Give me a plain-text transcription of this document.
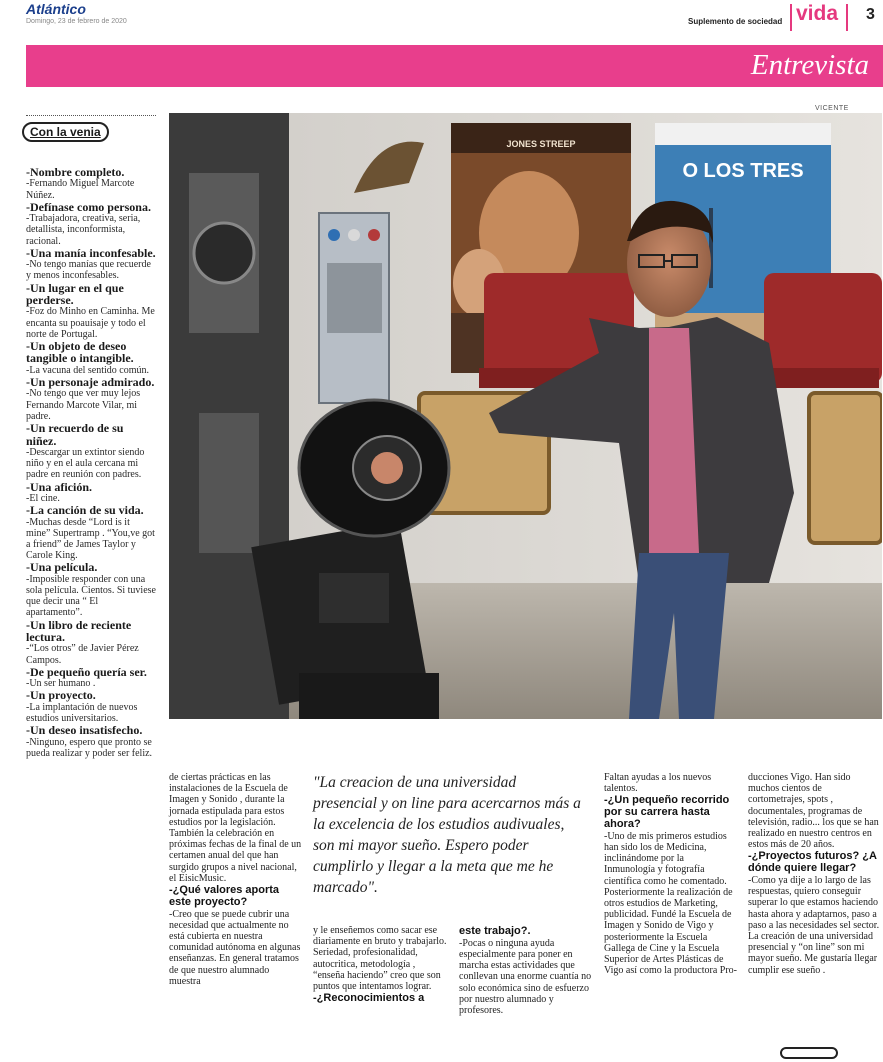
Atlántico
Domingo, 23 de febrero de 2020	Suplemento de sociedad vida 3
Entrevista
VICENTE
Con la venia

-Nombre completo.

-Fernando Miguel Marcote Núñez.

-Defínase como persona.

-Trabajadora, creativa, seria, detallista, inconformista, racional.

-Una manía inconfesable.

-No tengo manías que recuerde y menos inconfesables.

-Un lugar en el que perderse.

-Foz do Minho en Caminha. Me encanta su poauisaje y todo el norte de Portugal.

-Un objeto de deseo tangible o intangible.

-La vacuna del sentido común.

-Un personaje admirado.

-No tengo que ver muy lejos Fernando Marcote Vilar, mi padre.

-Un recuerdo de su niñez.

-Descargar un extintor siendo niño y en el aula cercana mi padre en reunión con padres.

-Una afición.

-El cine.

-La canción de su vida.

-Muchas desde “Lord is it mine” Supertramp . “You,ve got a friend” de James Taylor y Carole King.

-Una película.

-Imposible responder con una sola película. Cientos. Si tuviese que decir una “ El apartamento”.

-Un libro de reciente lectura.

-“Los otros” de Javier Pérez Campos.

-De pequeño quería ser.

-Un ser humano .

-Un proyecto.

-La implantación de nuevos estudios universitarios.

-Un deseo insatisfecho.

-Ninguno, espero que pronto se pueda realizar y poder ser feliz.

JONES STREEP
O LOS TRES

de ciertas prácticas en las instalaciones de la Escuela de Imagen y Sonido , durante la jornada estipulada para estos estudios por la legislación. También la celebración en próximas fechas de la final de un certamen anual del que han surgido grupos a nivel nacional, el EisicMusic.

-¿Qué valores aporta este proyecto?

-Creo que se puede cubrir una necesidad que actualmente no está cubierta en nuestra comunidad autónoma en algunas enseñanzas. En general tratamos de que nuestro alumnado muestra

"La creacion de una universidad presencial y on line para acercarnos más a la excelencia de los estudios audivuales, son mi mayor sueño. Espero poder cumplirlo y llegar a la meta que me he marcado".

y le enseñemos como sacar ese diariamente en bruto y trabajarlo. Seriedad, profesionalidad, autocritica, metodología , “enseña haciendo” creo que son puntos que intentamos lograr.

-¿Reconocimientos a

este trabajo?.

-Pocas o ninguna ayuda especialmente para poner en marcha estas actividades que conllevan una enorme cuantía no solo económica sino de esfuerzo por nuestro alumnado y profesores.

Faltan ayudas a los nuevos talentos.

-¿Un pequeño recorrido por su carrera hasta ahora?

-Uno de mis primeros estudios han sido los de Medicina, inclinándome por la Inmunología y fotografía científica como he comentado. Posteriormente la realización de otros estudios de Marketing, publicidad. Fundé la Escuela de Imagen y Sonido de Vigo y posteriormente la Escuela Gallega de Cine y la Escuela Superior de Artes Plásticas de Vigo así como la productora Pro-

ducciones Vigo. Han sido muchos cientos de cortometrajes, spots , documentales, programas de televisión, radio... los que se han realizado en nuestro centros en estos más de 20 años.

-¿Proyectos futuros? ¿A dónde quiere llegar?

-Como ya dije a lo largo de las respuestas, quiero conseguir superar lo que estamos haciendo hasta ahora y adaptarnos, paso a paso a las necesidades sel sector. La creación de una universidad presencial y “on line” son mi mayor sueño. Me gustaría llegar cumplir ese sueño .
